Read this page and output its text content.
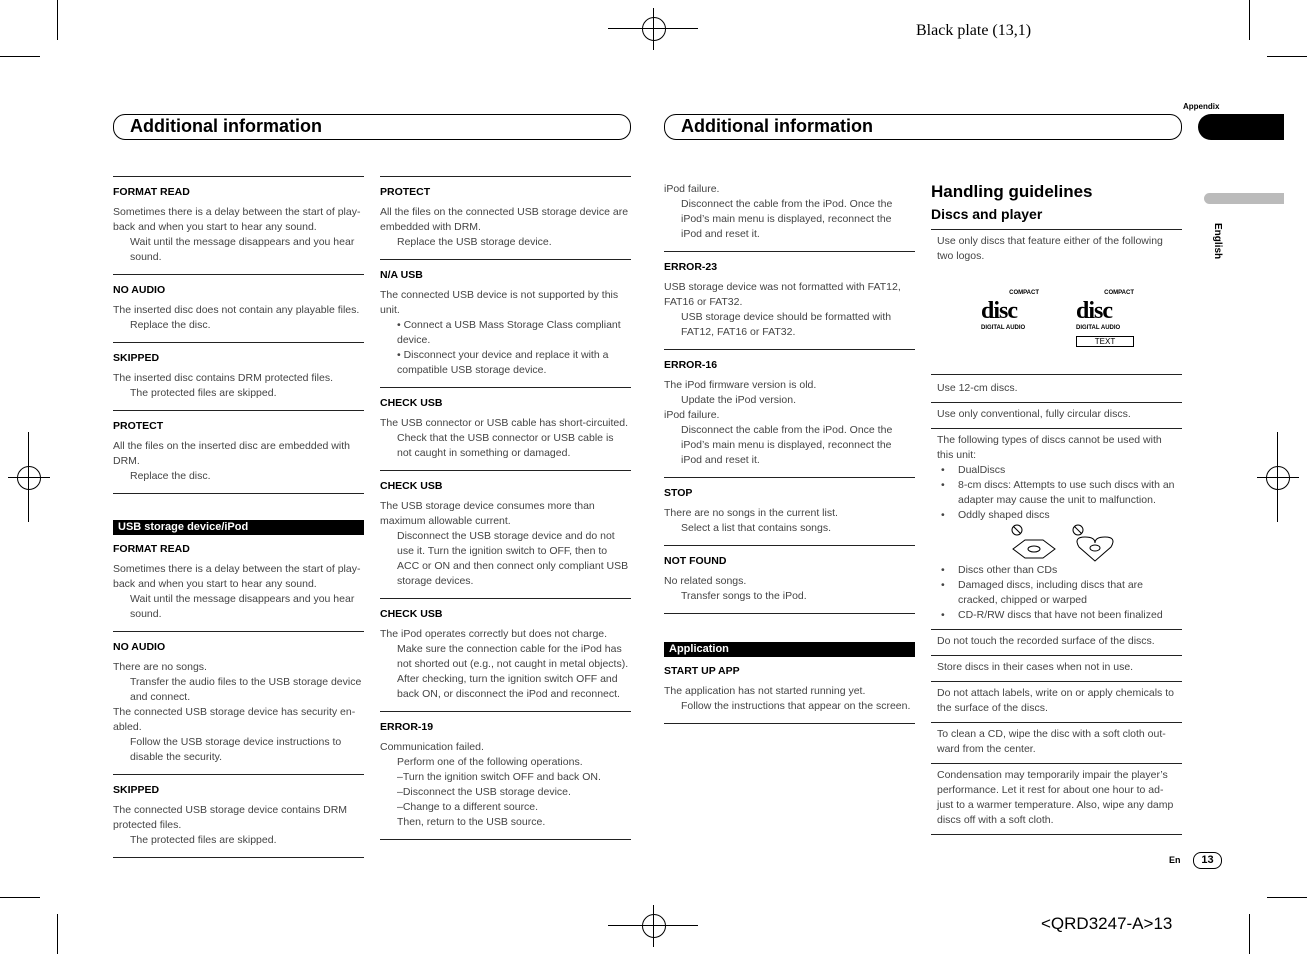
Black plate (13,1)
<QRD3247-A>13
Appendix
English
Additional information	Additional information
FORMAT READ
Sometimes there is a delay between the start of play-back and when you start to hear any sound.
Wait until the message disappears and you hear sound.
NO AUDIO
The inserted disc does not contain any playable files.
Replace the disc.
SKIPPED
The inserted disc contains DRM protected files.
The protected files are skipped.
PROTECT
All the files on the inserted disc are embedded with DRM.
Replace the disc.
USB storage device/iPod
FORMAT READ
Sometimes there is a delay between the start of play-back and when you start to hear any sound.
Wait until the message disappears and you hear sound.
NO AUDIO
There are no songs.
Transfer the audio files to the USB storage device and connect.
The connected USB storage device has security en-abled.
Follow the USB storage device instructions to disable the security.
SKIPPED
The connected USB storage device contains DRM protected files.
The protected files are skipped.
PROTECT
All the files on the connected USB storage device are embedded with DRM.
Replace the USB storage device.
N/A USB
The connected USB device is not supported by this unit.
• Connect a USB Mass Storage Class compliant device.
• Disconnect your device and replace it with a compatible USB storage device.
CHECK USB
The USB connector or USB cable has short-circuited.
Check that the USB connector or USB cable is not caught in something or damaged.
CHECK USB
The USB storage device consumes more than maximum allowable current.
Disconnect the USB storage device and do not use it. Turn the ignition switch to OFF, then to ACC or ON and then connect only compliant USB storage devices.
CHECK USB
The iPod operates correctly but does not charge.
Make sure the connection cable for the iPod has not shorted out (e.g., not caught in metal objects). After checking, turn the ignition switch OFF and back ON, or disconnect the iPod and reconnect.
ERROR-19
Communication failed.
Perform one of the following operations.
–Turn the ignition switch OFF and back ON.
–Disconnect the USB storage device.
–Change to a different source.
Then, return to the USB source.
iPod failure.
Disconnect the cable from the iPod. Once the iPod’s main menu is displayed, reconnect the iPod and reset it.
ERROR-23
USB storage device was not formatted with FAT12, FAT16 or FAT32.
USB storage device should be formatted with FAT12, FAT16 or FAT32.
ERROR-16
The iPod firmware version is old.
Update the iPod version.
iPod failure.
Disconnect the cable from the iPod. Once the iPod’s main menu is displayed, reconnect the iPod and reset it.
STOP
There are no songs in the current list.
Select a list that contains songs.
NOT FOUND
No related songs.
Transfer songs to the iPod.
Application
START UP APP
The application has not started running yet.
Follow the instructions that appear on the screen.
Handling guidelines
Discs and player
Use only discs that feature either of the following two logos.
COMPACT
disc
DIGITAL AUDIO
COMPACT
disc
DIGITAL AUDIO
TEXT
Use 12-cm discs.
Use only conventional, fully circular discs.
The following types of discs cannot be used with this unit:
•	DualDiscs
•	8-cm discs: Attempts to use such discs with an adapter may cause the unit to malfunction.
•	Oddly shaped discs
•	Discs other than CDs
•	Damaged discs, including discs that are cracked, chipped or warped
•	CD-R/RW discs that have not been finalized
Do not touch the recorded surface of the discs.
Store discs in their cases when not in use.
Do not attach labels, write on or apply chemicals to the surface of the discs.
To clean a CD, wipe the disc with a soft cloth out-ward from the center.
Condensation may temporarily impair the player’s performance. Let it rest for about one hour to ad-just to a warmer temperature. Also, wipe any damp discs off with a soft cloth.
En	13
